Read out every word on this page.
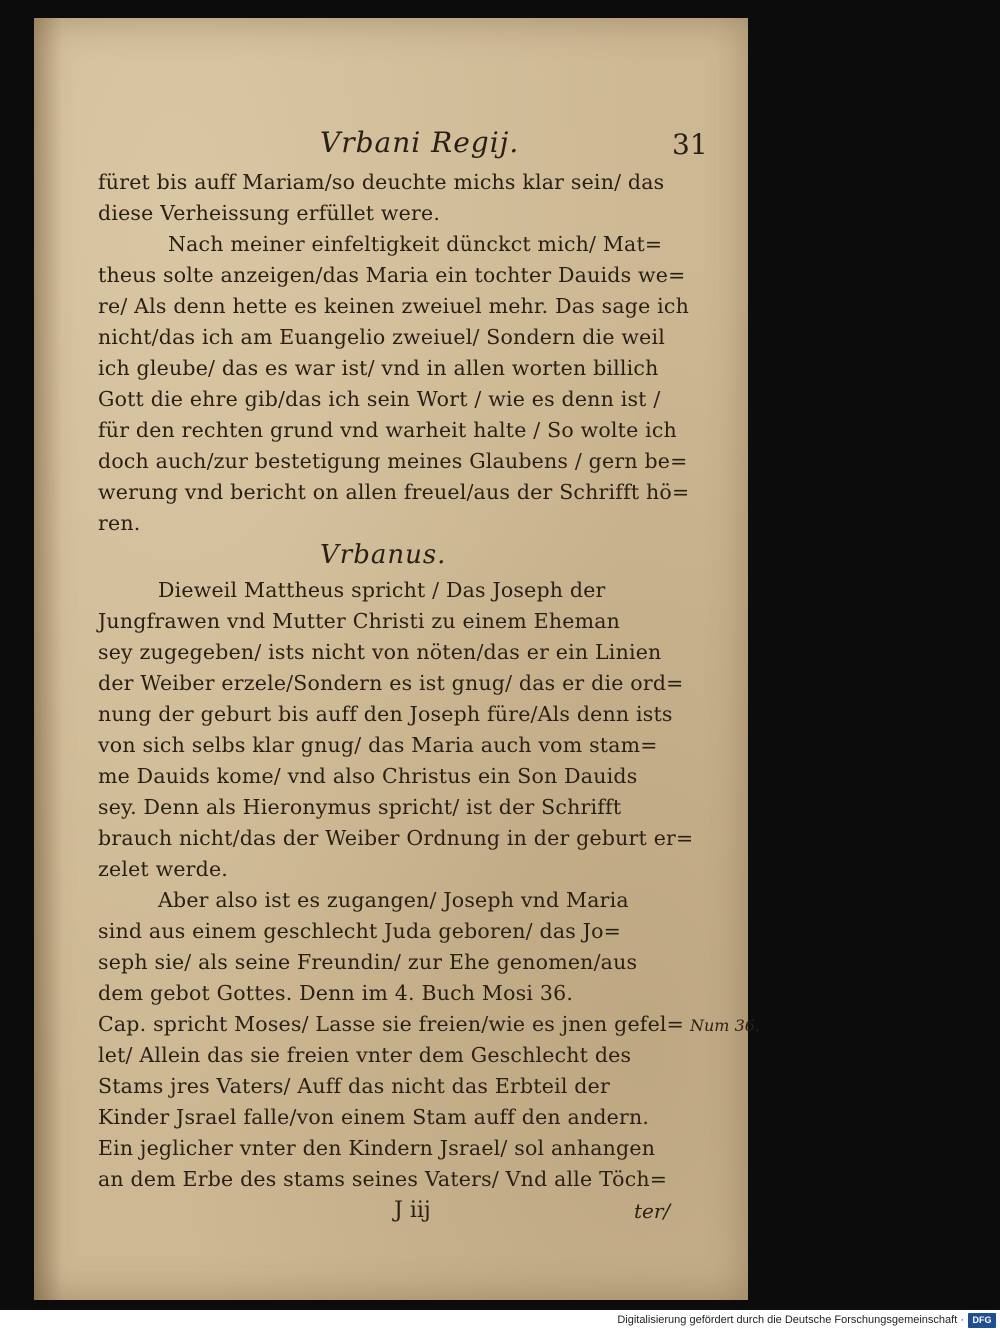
Vrbani Regij.	31
füret bis auff Mariam/so deuchte michs klar sein/ das
diese Verheissung erfüllet were.
Nach meiner einfeltigkeit dünckct mich/ Mat=
theus solte anzeigen/das Maria ein tochter Dauids we=
re/ Als denn hette es keinen zweiuel mehr. Das sage ich
nicht/das ich am Euangelio zweiuel/ Sondern die weil
ich gleube/ das es war ist/ vnd in allen worten billich
Gott die ehre gib/das ich sein Wort / wie es denn ist /
für den rechten grund vnd warheit halte / So wolte ich
doch auch/zur bestetigung meines Glaubens / gern be=
werung vnd bericht on allen freuel/aus der Schrifft hö=
ren.
Vrbanus.
Dieweil Mattheus spricht / Das Joseph der
Jungfrawen vnd Mutter Christi zu einem Eheman
sey zugegeben/ ists nicht von nöten/das er ein Linien
der Weiber erzele/Sondern es ist gnug/ das er die ord=
nung der geburt bis auff den Joseph füre/Als denn ists
von sich selbs klar gnug/ das Maria auch vom stam=
me Dauids kome/ vnd also Christus ein Son Dauids
sey. Denn als Hieronymus spricht/ ist der Schrifft
brauch nicht/das der Weiber Ordnung in der geburt er=
zelet werde.
Aber also ist es zugangen/ Joseph vnd Maria
sind aus einem geschlecht Juda geboren/ das Jo=
seph sie/ als seine Freundin/ zur Ehe genomen/aus
dem gebot Gottes. Denn im 4. Buch Mosi 36.
Cap. spricht Moses/ Lasse sie freien/wie es jnen gefel=
let/ Allein das sie freien vnter dem Geschlecht des
Stams jres Vaters/ Auff das nicht das Erbteil der
Kinder Jsrael falle/von einem Stam auff den andern.
Ein jeglicher vnter den Kindern Jsrael/ sol anhangen
an dem Erbe des stams seines Vaters/ Vnd alle Töch=
Num 36.
J iij	ter/
Digitalisierung gefördert durch die Deutsche Forschungsgemeinschaft · DFG
